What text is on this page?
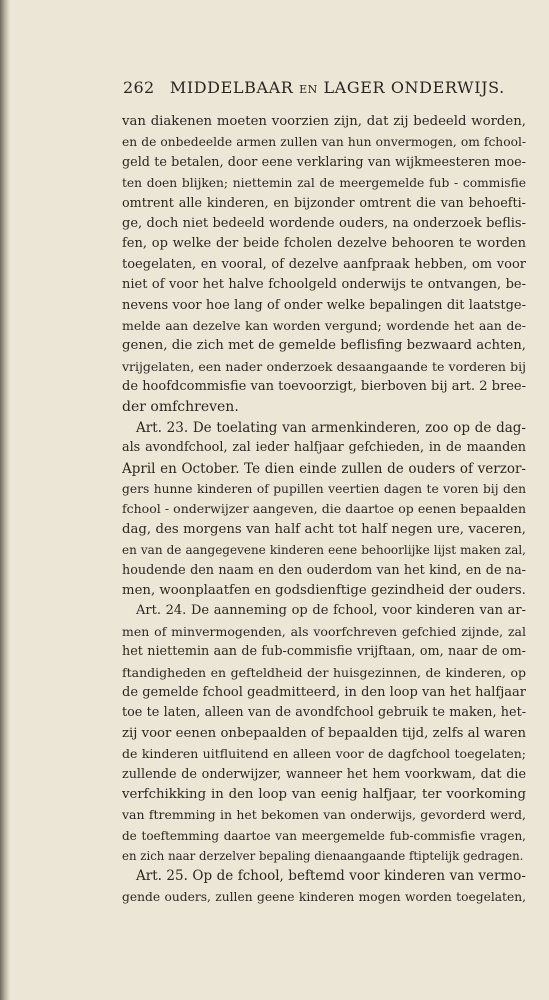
262 MIDDELBAAR EN LAGER ONDERWIJS.
van diakenen moeten voorzien zijn, dat zij bedeeld worden,
en de onbedeelde armen zullen van hun onvermogen, om fchool-
geld te betalen, door eene verklaring van wijkmeesteren moe-
ten doen blijken; niettemin zal de meergemelde fub - commisfie
omtrent alle kinderen, en bijzonder omtrent die van behoefti-
ge, doch niet bedeeld wordende ouders, na onderzoek beflis-
fen, op welke der beide fcholen dezelve behooren te worden
toegelaten, en vooral, of dezelve aanfpraak hebben, om voor
niet of voor het halve fchoolgeld onderwijs te ontvangen, be-
nevens voor hoe lang of onder welke bepalingen dit laatstge-
melde aan dezelve kan worden vergund; wordende het aan de-
genen, die zich met de gemelde beflisfing bezwaard achten,
vrijgelaten, een nader onderzoek desaangaande te vorderen bij
de hoofdcommisfie van toevoorzigt, bierboven bij art. 2 bree-
der omfchreven.
Art. 23. De toelating van armenkinderen, zoo op de dag-
als avondfchool, zal ieder halfjaar gefchieden, in de maanden
April en October. Te dien einde zullen de ouders of verzor-
gers hunne kinderen of pupillen veertien dagen te voren bij den
fchool - onderwijzer aangeven, die daartoe op eenen bepaalden
dag, des morgens van half acht tot half negen ure, vaceren,
en van de aangegevene kinderen eene behoorlijke lijst maken zal,
houdende den naam en den ouderdom van het kind, en de na-
men, woonplaatfen en godsdienftige gezindheid der ouders.
Art. 24. De aanneming op de fchool, voor kinderen van ar-
men of minvermogenden, als voorfchreven gefchied zijnde, zal
het niettemin aan de fub-commisfie vrijftaan, om, naar de om-
ftandigheden en gefteldheid der huisgezinnen, de kinderen, op
de gemelde fchool geadmitteerd, in den loop van het halfjaar
toe te laten, alleen van de avondfchool gebruik te maken, het-
zij voor eenen onbepaalden of bepaalden tijd, zelfs al waren
de kinderen uitfluitend en alleen voor de dagfchool toegelaten;
zullende de onderwijzer, wanneer het hem voorkwam, dat die
verfchikking in den loop van eenig halfjaar, ter voorkoming
van ftremming in het bekomen van onderwijs, gevorderd werd,
de toeftemming daartoe van meergemelde fub-commisfie vragen,
en zich naar derzelver bepaling dienaangaande ftiptelijk gedragen.
Art. 25. Op de fchool, beftemd voor kinderen van vermo-
gende ouders, zullen geene kinderen mogen worden toegelaten,
